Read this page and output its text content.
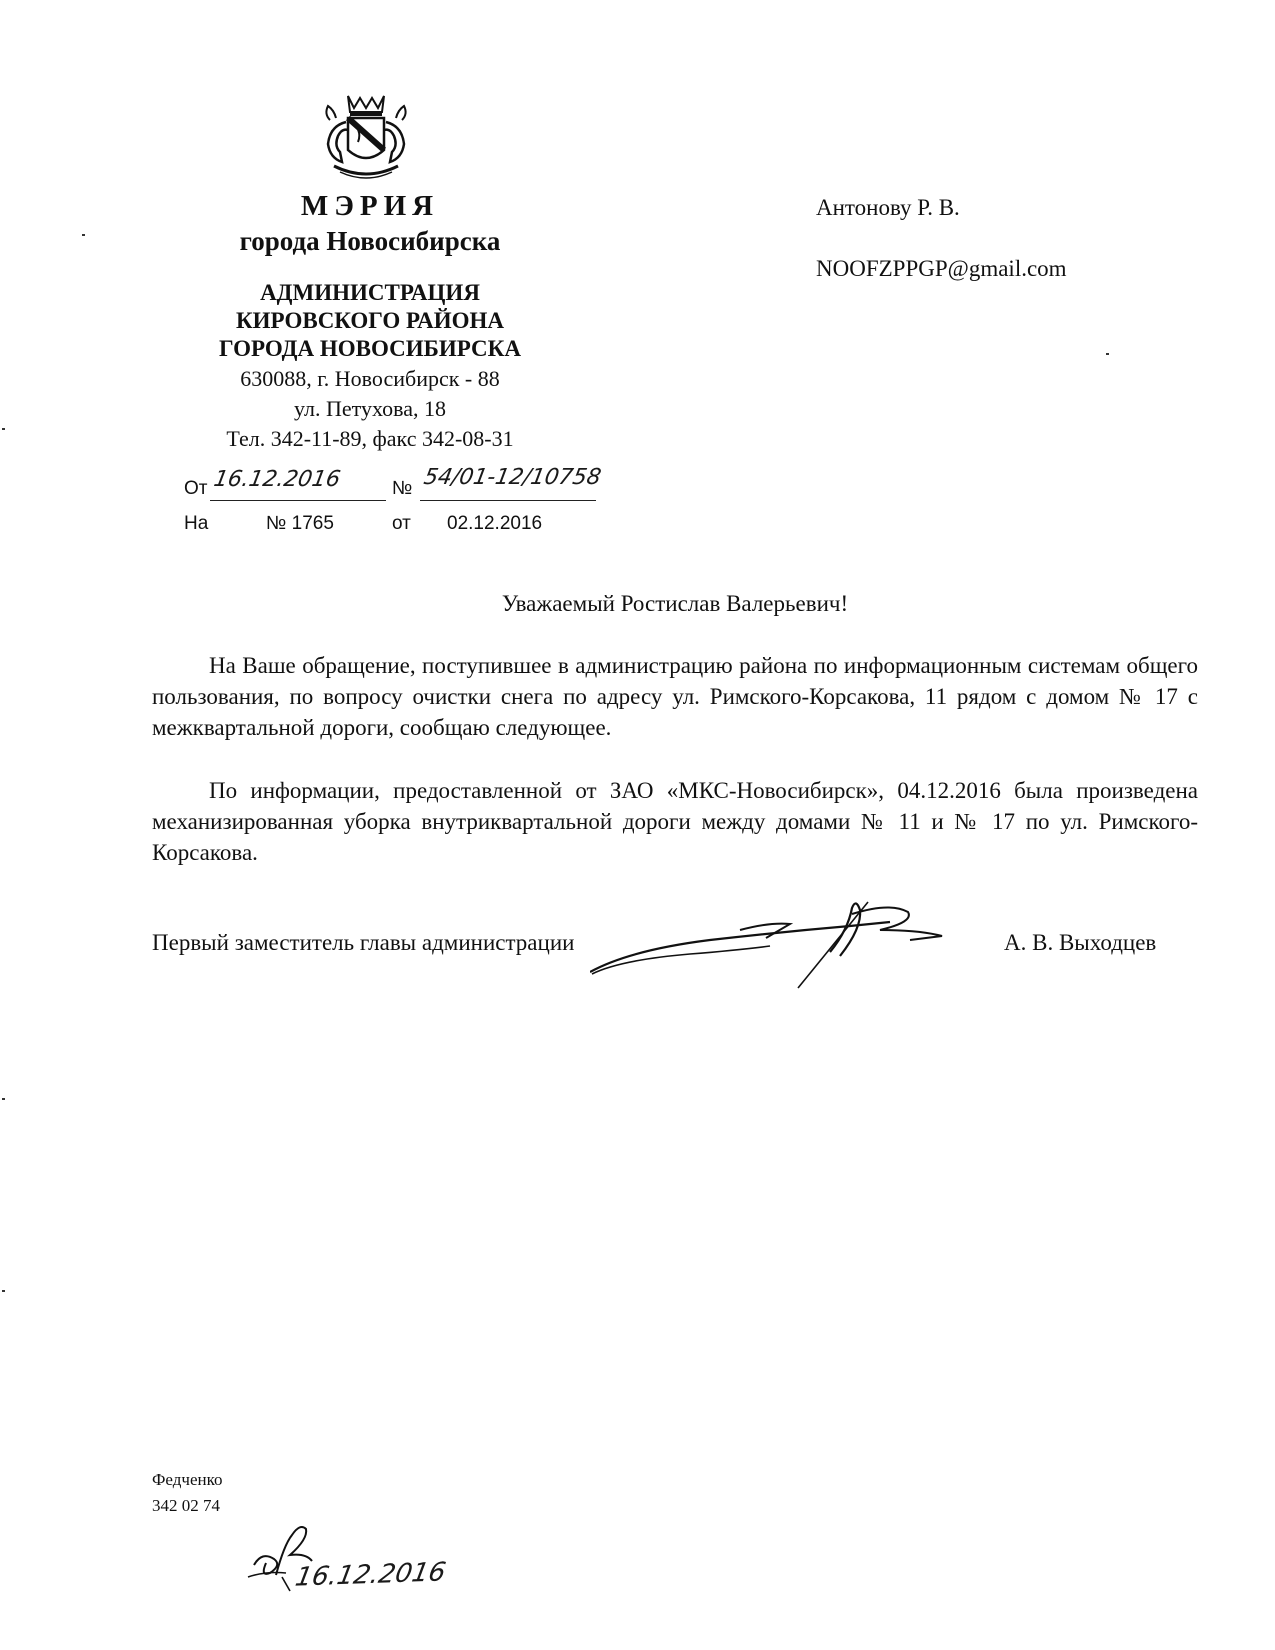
МЭРИЯ
города Новосибирска
АДМИНИСТРАЦИЯ
КИРОВСКОГО РАЙОНА
ГОРОДА НОВОСИБИРСКА
630088, г. Новосибирск - 88
ул. Петухова, 18
Тел. 342-11-89, факс 342-08-31
От 16.12.2016	№ 54/01-12/10758
На	№ 1765	от 02.12.2016
Антонову Р. В.
NOOFZPPGP@gmail.com
Уважаемый Ростислав Валерьевич!

На Ваше обращение, поступившее в администрацию района по информационным системам общего пользования, по вопросу очистки снега по адресу ул. Римского-Корсакова, 11 рядом с домом № 17 с межквартальной дороги, сообщаю следующее.

По информации, предоставленной от ЗАО «МКС-Новосибирск», 04.12.2016 была произведена механизированная уборка внутриквартальной дороги между домами № 11 и № 17 по ул. Римского-Корсакова.

Первый заместитель главы администрации	А. В. Выходцев
Федченко
342 02 74
16.12.2016
